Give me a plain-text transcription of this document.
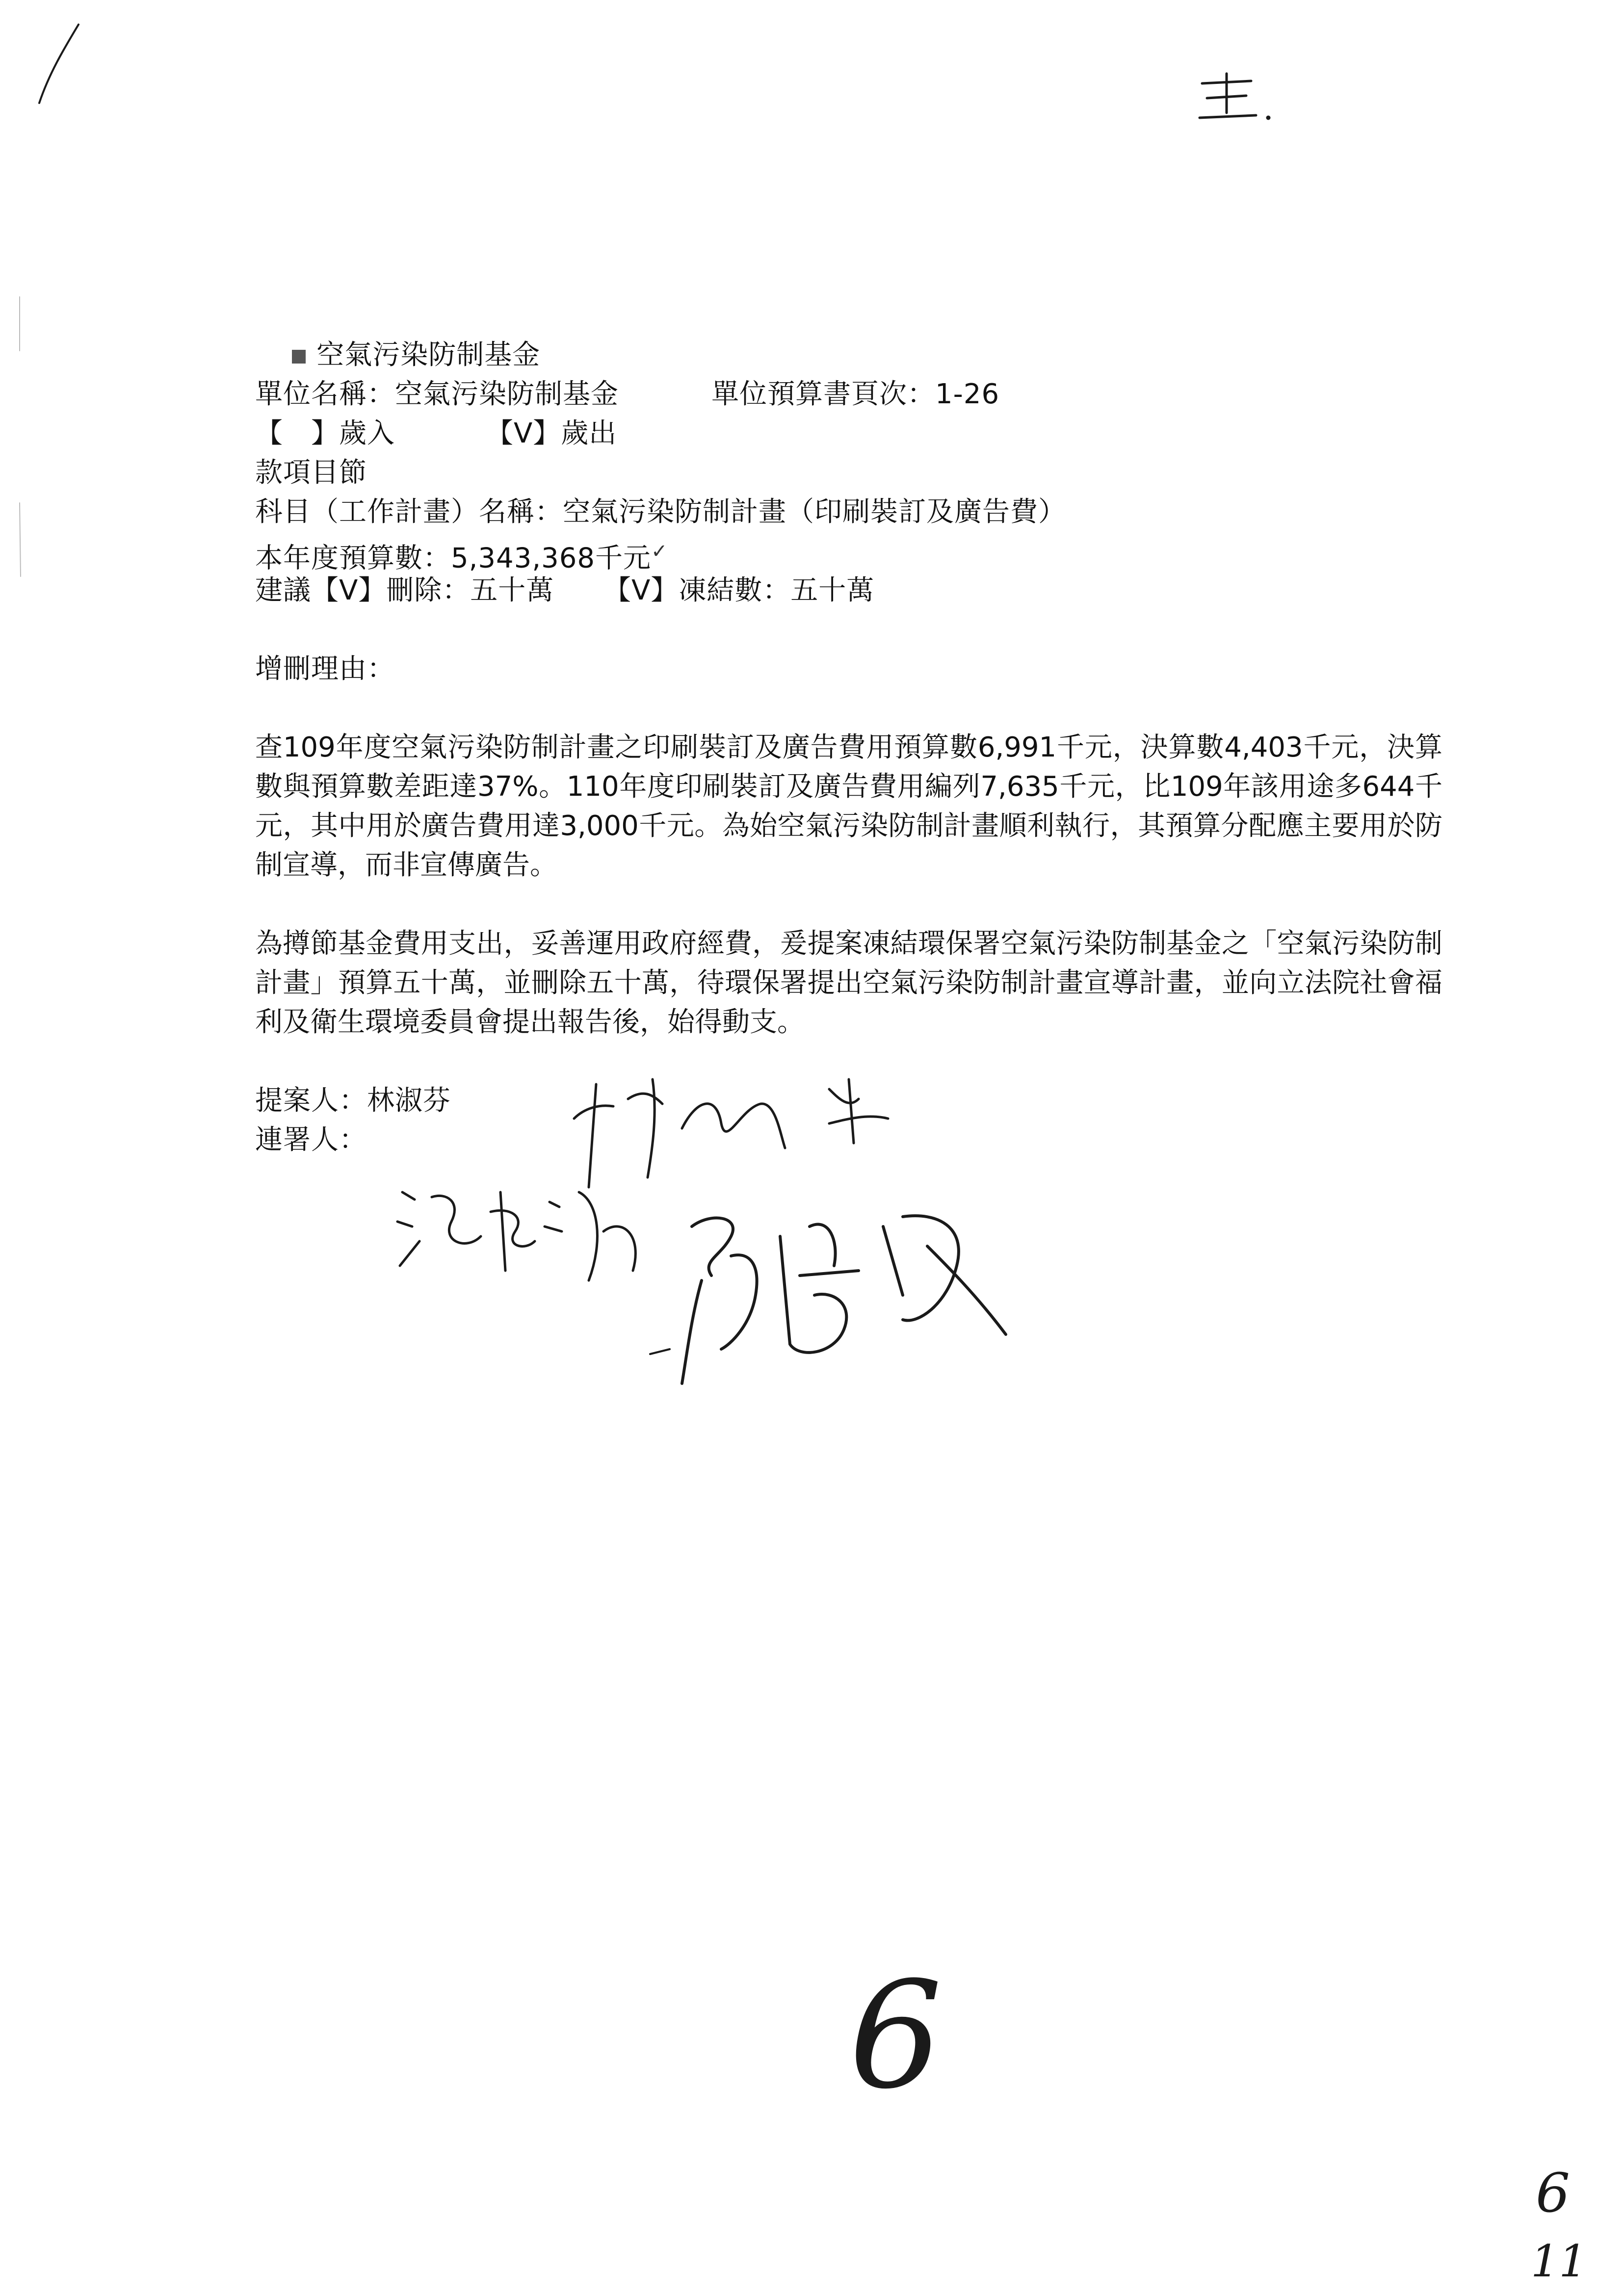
空氣污染防制基金

單位名稱：空氣污染防制基金	單位預算書頁次：1-26
【　】歲入	【V】歲出
款項目節
科目（工作計畫）名稱：空氣污染防制計畫（印刷裝訂及廣告費）
本年度預算數：5,343,368千元✓
建議【V】刪除：五十萬 【V】凍結數：五十萬
增刪理由：
查109年度空氣污染防制計畫之印刷裝訂及廣告費用預算數6,991千元，決算數4,403千元，決算數與預算數差距達37%。110年度印刷裝訂及廣告費用編列7,635千元，比109年該用途多644千元，其中用於廣告費用達3,000千元。為始空氣污染防制計畫順利執行，其預算分配應主要用於防制宣導，而非宣傳廣告。
為撙節基金費用支出，妥善運用政府經費，爰提案凍結環保署空氣污染防制基金之「空氣污染防制計畫」預算五十萬，並刪除五十萬，待環保署提出空氣污染防制計畫宣導計畫，並向立法院社會福利及衛生環境委員會提出報告後，始得動支。
提案人：林淑芬
連署人：
6
6
11
